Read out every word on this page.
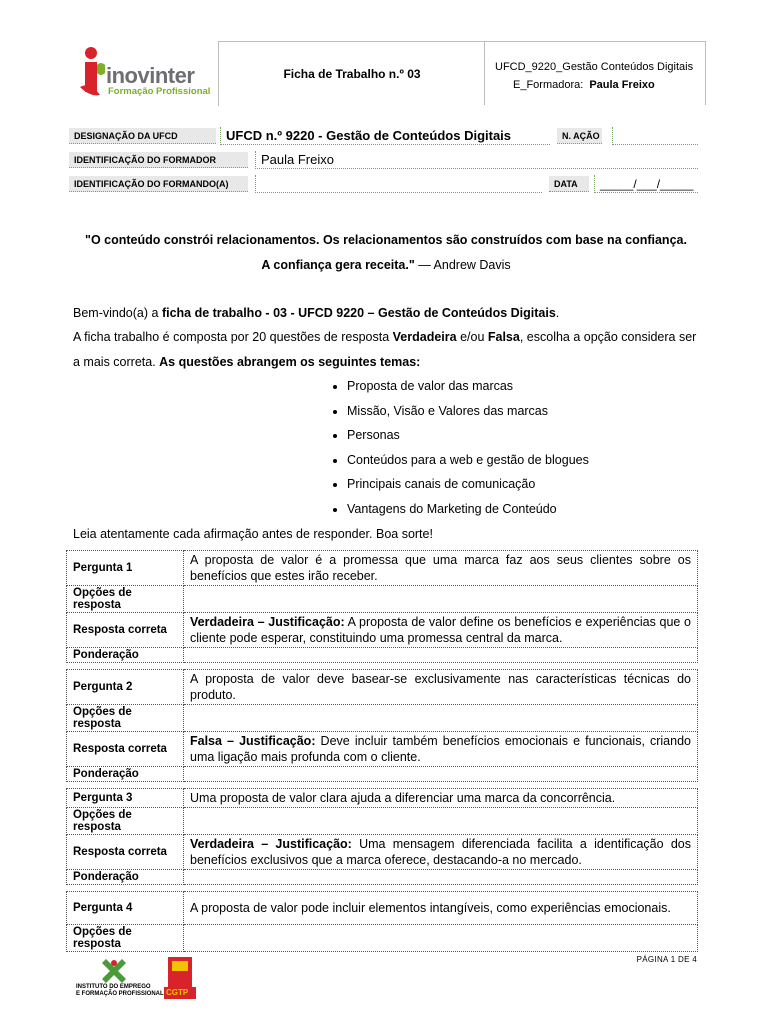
inovinter
Formação Profissional
Ficha de Trabalho n.º 03	UFCD_9220_Gestão Conteúdos Digitais
E_Formadora: Paula Freixo
DESIGNAÇÃO DA UFCD	UFCD n.º 9220 - Gestão de Conteúdos Digitais	N. AÇÃO
IDENTIFICAÇÃO DO FORMADOR	Paula Freixo
IDENTIFICAÇÃO DO FORMANDO(A)	DATA	_____/___/_____
"O conteúdo constrói relacionamentos. Os relacionamentos são construídos com base na confiança.
A confiança gera receita." — Andrew Davis
Bem-vindo(a) a ficha de trabalho - 03 - UFCD 9220 – Gestão de Conteúdos Digitais.
A ficha trabalho é composta por 20 questões de resposta Verdadeira e/ou Falsa, escolha a opção considera ser a mais correta. As questões abrangem os seguintes temas:
• Proposta de valor das marcas
• Missão, Visão e Valores das marcas
• Personas
• Conteúdos para a web e gestão de blogues
• Principais canais de comunicação
• Vantagens do Marketing de Conteúdo
Leia atentamente cada afirmação antes de responder. Boa sorte!
Pergunta 1	A proposta de valor é a promessa que uma marca faz aos seus clientes sobre os benefícios que estes irão receber.
Opções de resposta	
Resposta correta	Verdadeira – Justificação: A proposta de valor define os benefícios e experiências que o cliente pode esperar, constituindo uma promessa central da marca.
Ponderação	
Pergunta 2	A proposta de valor deve basear-se exclusivamente nas características técnicas do produto.
Opções de resposta	
Resposta correta	Falsa – Justificação: Deve incluir também benefícios emocionais e funcionais, criando uma ligação mais profunda com o cliente.
Ponderação	
Pergunta 3	Uma proposta de valor clara ajuda a diferenciar uma marca da concorrência.
Opções de resposta	
Resposta correta	Verdadeira – Justificação: Uma mensagem diferenciada facilita a identificação dos benefícios exclusivos que a marca oferece, destacando-a no mercado.
Ponderação	
Pergunta 4	A proposta de valor pode incluir elementos intangíveis, como experiências emocionais.
Opções de resposta	
INSTITUTO DO EMPREGO
E FORMAÇÃO PROFISSIONAL CGTP
PÁGINA 1 DE 4
